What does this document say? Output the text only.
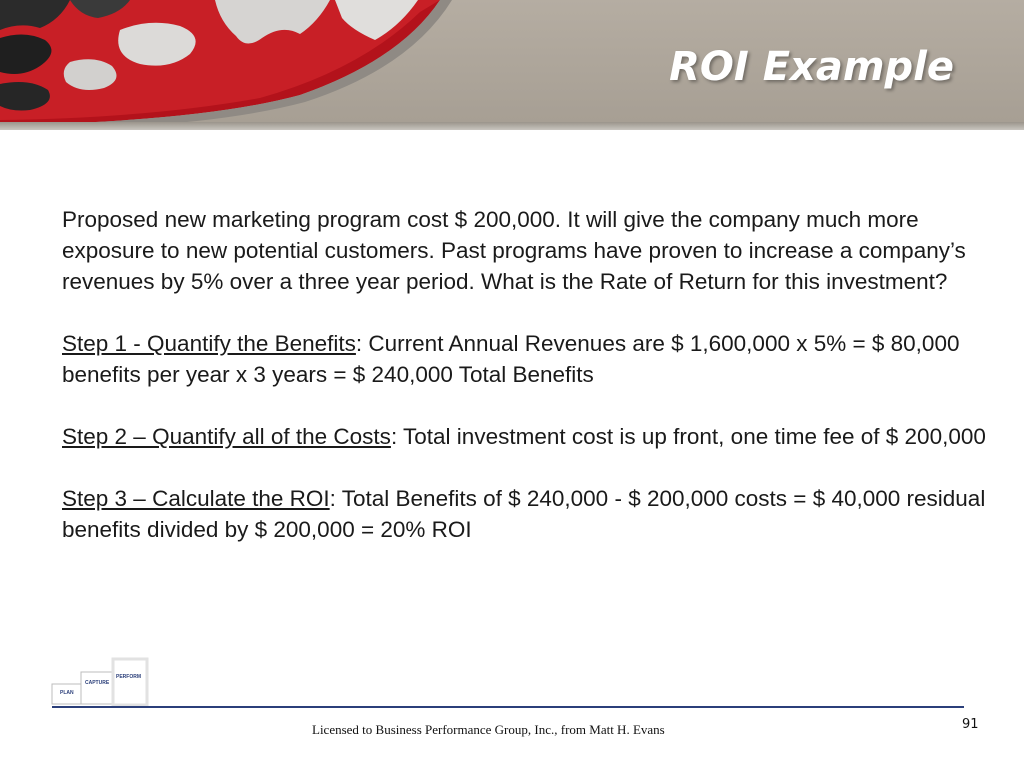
ROI Example

Proposed new marketing program cost $ 200,000. It will give the company much more exposure to new potential customers. Past programs have proven to increase a company’s revenues by 5% over a three year period. What is the Rate of Return for this investment?

Step 1 - Quantify the Benefits: Current Annual Revenues are $ 1,600,000 x 5% = $ 80,000 benefits per year x 3 years = $ 240,000 Total Benefits

Step 2 – Quantify all of the Costs: Total investment cost is up front, one time fee of $ 200,000

Step 3 – Calculate the ROI: Total Benefits of $ 240,000 - $ 200,000 costs = $ 40,000 residual benefits divided by $ 200,000 = 20% ROI

PLAN
CAPTURE
PERFORM
Licensed to Business Performance Group, Inc., from Matt H. Evans	91
